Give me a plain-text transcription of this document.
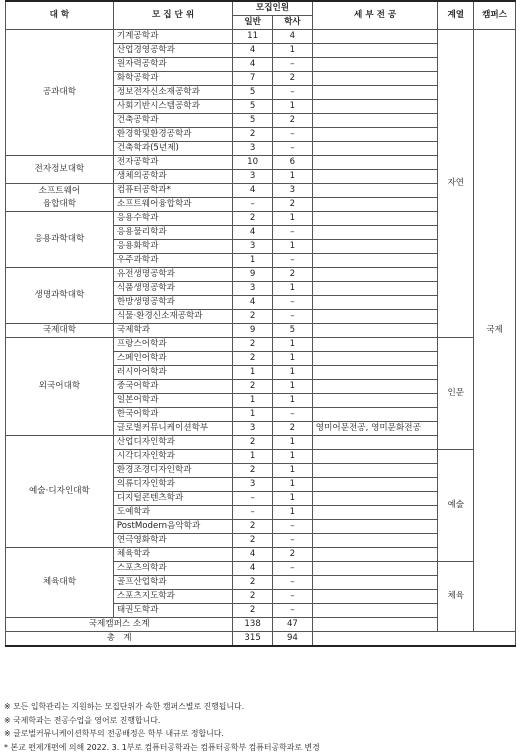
대 학	모 집 단 위	모집인원		세 부 전 공	계열	캠퍼스
		일반	학사			

공과대학	기계공학과	11	4		자연	국제
	산업경영공학과	4	1			
	원자력공학과	4	–			
	화학공학과	7	2			
	정보전자신소재공학과	5	–			
	사회기반시스템공학과	5	1			
	건축공학과	5	2			
	환경학및환경공학과	2	–			
	건축학과(5년제)	3	–			

전자정보대학	전자공학과	10	6			
	생체의공학과	3	1			

소프트웨어
융합대학	컴퓨터공학과*	4	3			
	소프트웨어융합학과	–	2			

응용과학대학	응용수학과	2	1			
	응용물리학과	4	–			
	응용화학과	3	1			
	우주과학과	1	–			

생명과학대학	유전생명공학과	9	2			
	식품생명공학과	3	1			
	한방생명공학과	4	–			
	식물·환경신소재공학과	2	–			

국제대학	국제학과	9	5			

외국어대학	프랑스어학과	2	1		인문	
	스페인어학과	2	1			
	러시아어학과	1	1			
	중국어학과	2	1			
	일본어학과	1	1			
	한국어학과	1	–			
	글로벌커뮤니케이션학부	3	2	영미어문전공, 영미문화전공		

예술·디자인대학	산업디자인학과	2	1			
	시각디자인학과	1	1		예술	
	환경조경디자인학과	2	1			
	의류디자인학과	3	1			
	디지털콘텐츠학과	–	1			
	도예학과	–	1			
	PostModern음악학과	2	–			
	연극영화학과	2	–			

체육대학	체육학과	4	2			
	스포츠의학과	4	–		체육	
	골프산업학과	2	–			
	스포츠지도학과	2	–			
	태권도학과	2	–			
국제캠퍼스 소계		138	47			
총   계		315	94			
※ 모든 입학관리는 지원하는 모집단위가 속한 캠퍼스별로 진행됩니다.
※ 국제학과는 전공수업을 영어로 진행합니다.
※ 글로벌커뮤니케이션학부의 전공배정은 학부 내규로 정합니다.
* 본교 편제개편에 의해 2022. 3. 1부로 컴퓨터공학과는 컴퓨터공학부 컴퓨터공학과로 변경
